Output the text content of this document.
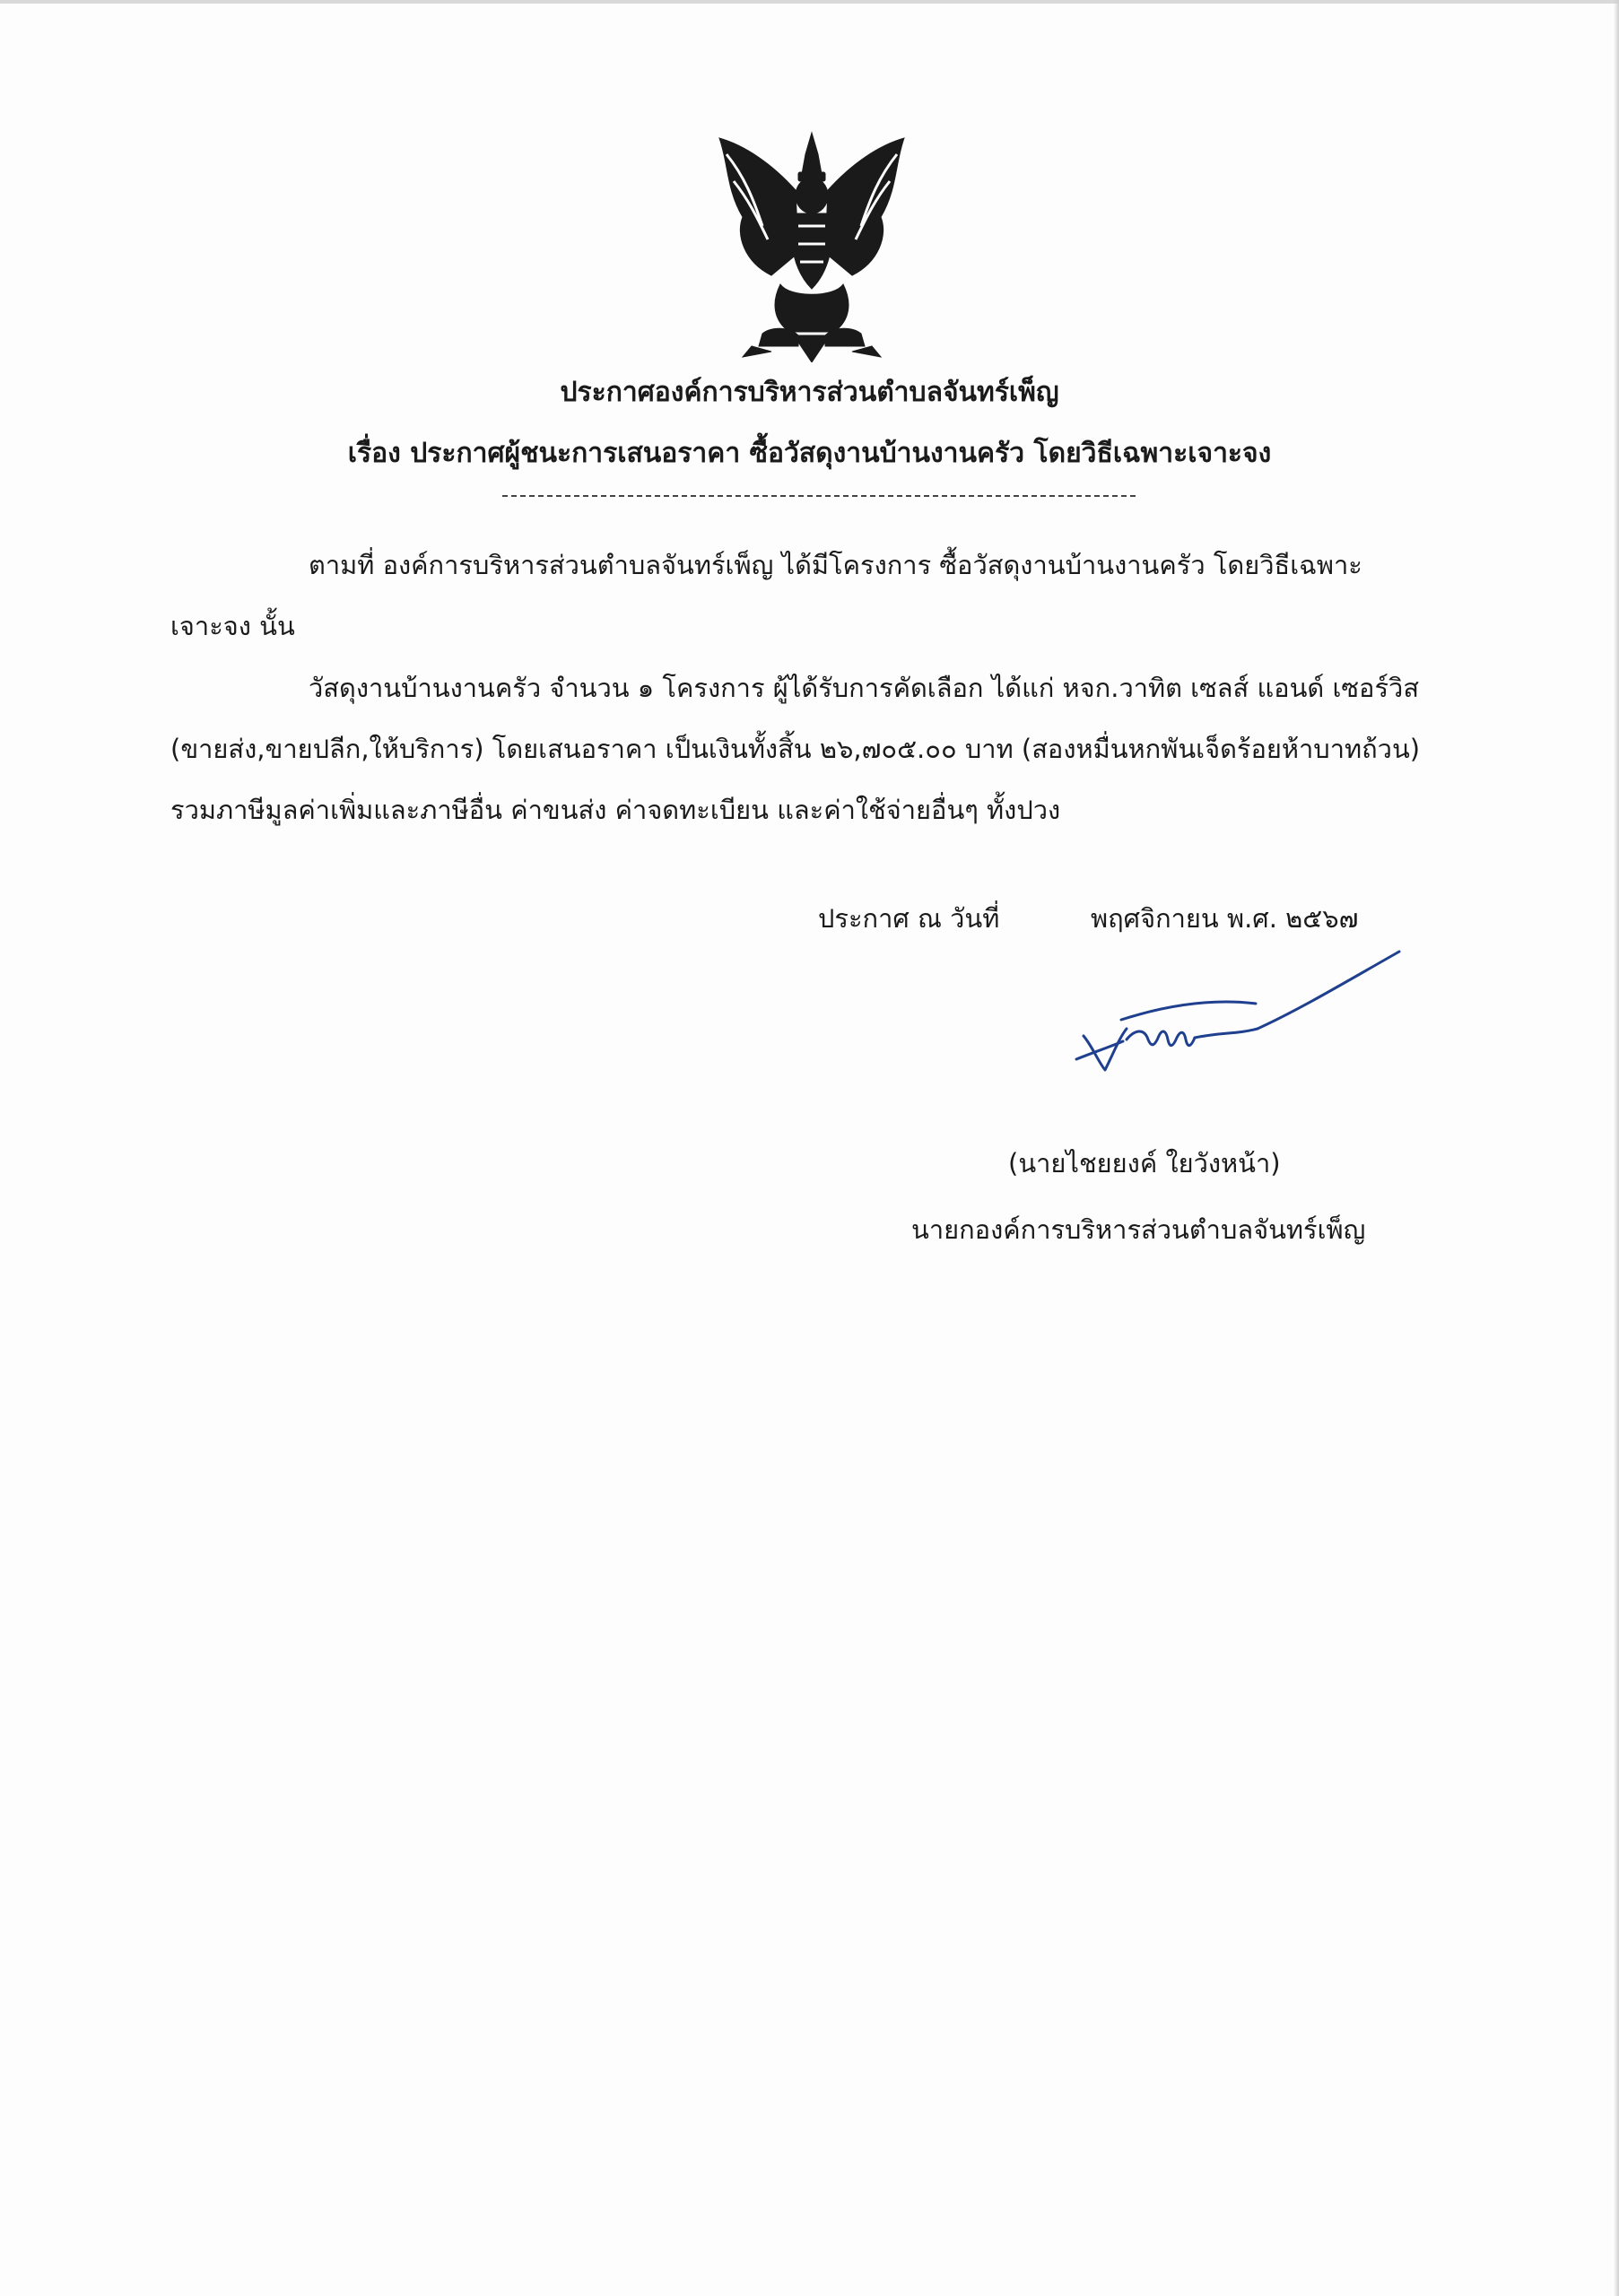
ประกาศองค์การบริหารส่วนตำบลจันทร์เพ็ญ
เรื่อง ประกาศผู้ชนะการเสนอราคา ซื้อวัสดุงานบ้านงานครัว โดยวิธีเฉพาะเจาะจง
ตามที่ องค์การบริหารส่วนตำบลจันทร์เพ็ญ ได้มีโครงการ ซื้อวัสดุงานบ้านงานครัว โดยวิธีเฉพาะ
เจาะจง นั้น
วัสดุงานบ้านงานครัว จำนวน ๑ โครงการ ผู้ได้รับการคัดเลือก ได้แก่ หจก.วาทิต เซลส์ แอนด์ เซอร์วิส
(ขายส่ง,ขายปลีก,ให้บริการ) โดยเสนอราคา เป็นเงินทั้งสิ้น ๒๖,๗๐๕.๐๐ บาท (สองหมื่นหกพันเจ็ดร้อยห้าบาทถ้วน)
รวมภาษีมูลค่าเพิ่มและภาษีอื่น ค่าขนส่ง ค่าจดทะเบียน และค่าใช้จ่ายอื่นๆ ทั้งปวง
ประกาศ ณ วันที่	พฤศจิกายน พ.ศ. ๒๕๖๗
(นายไชยยงค์ ใยวังหน้า)
นายกองค์การบริหารส่วนตำบลจันทร์เพ็ญ
